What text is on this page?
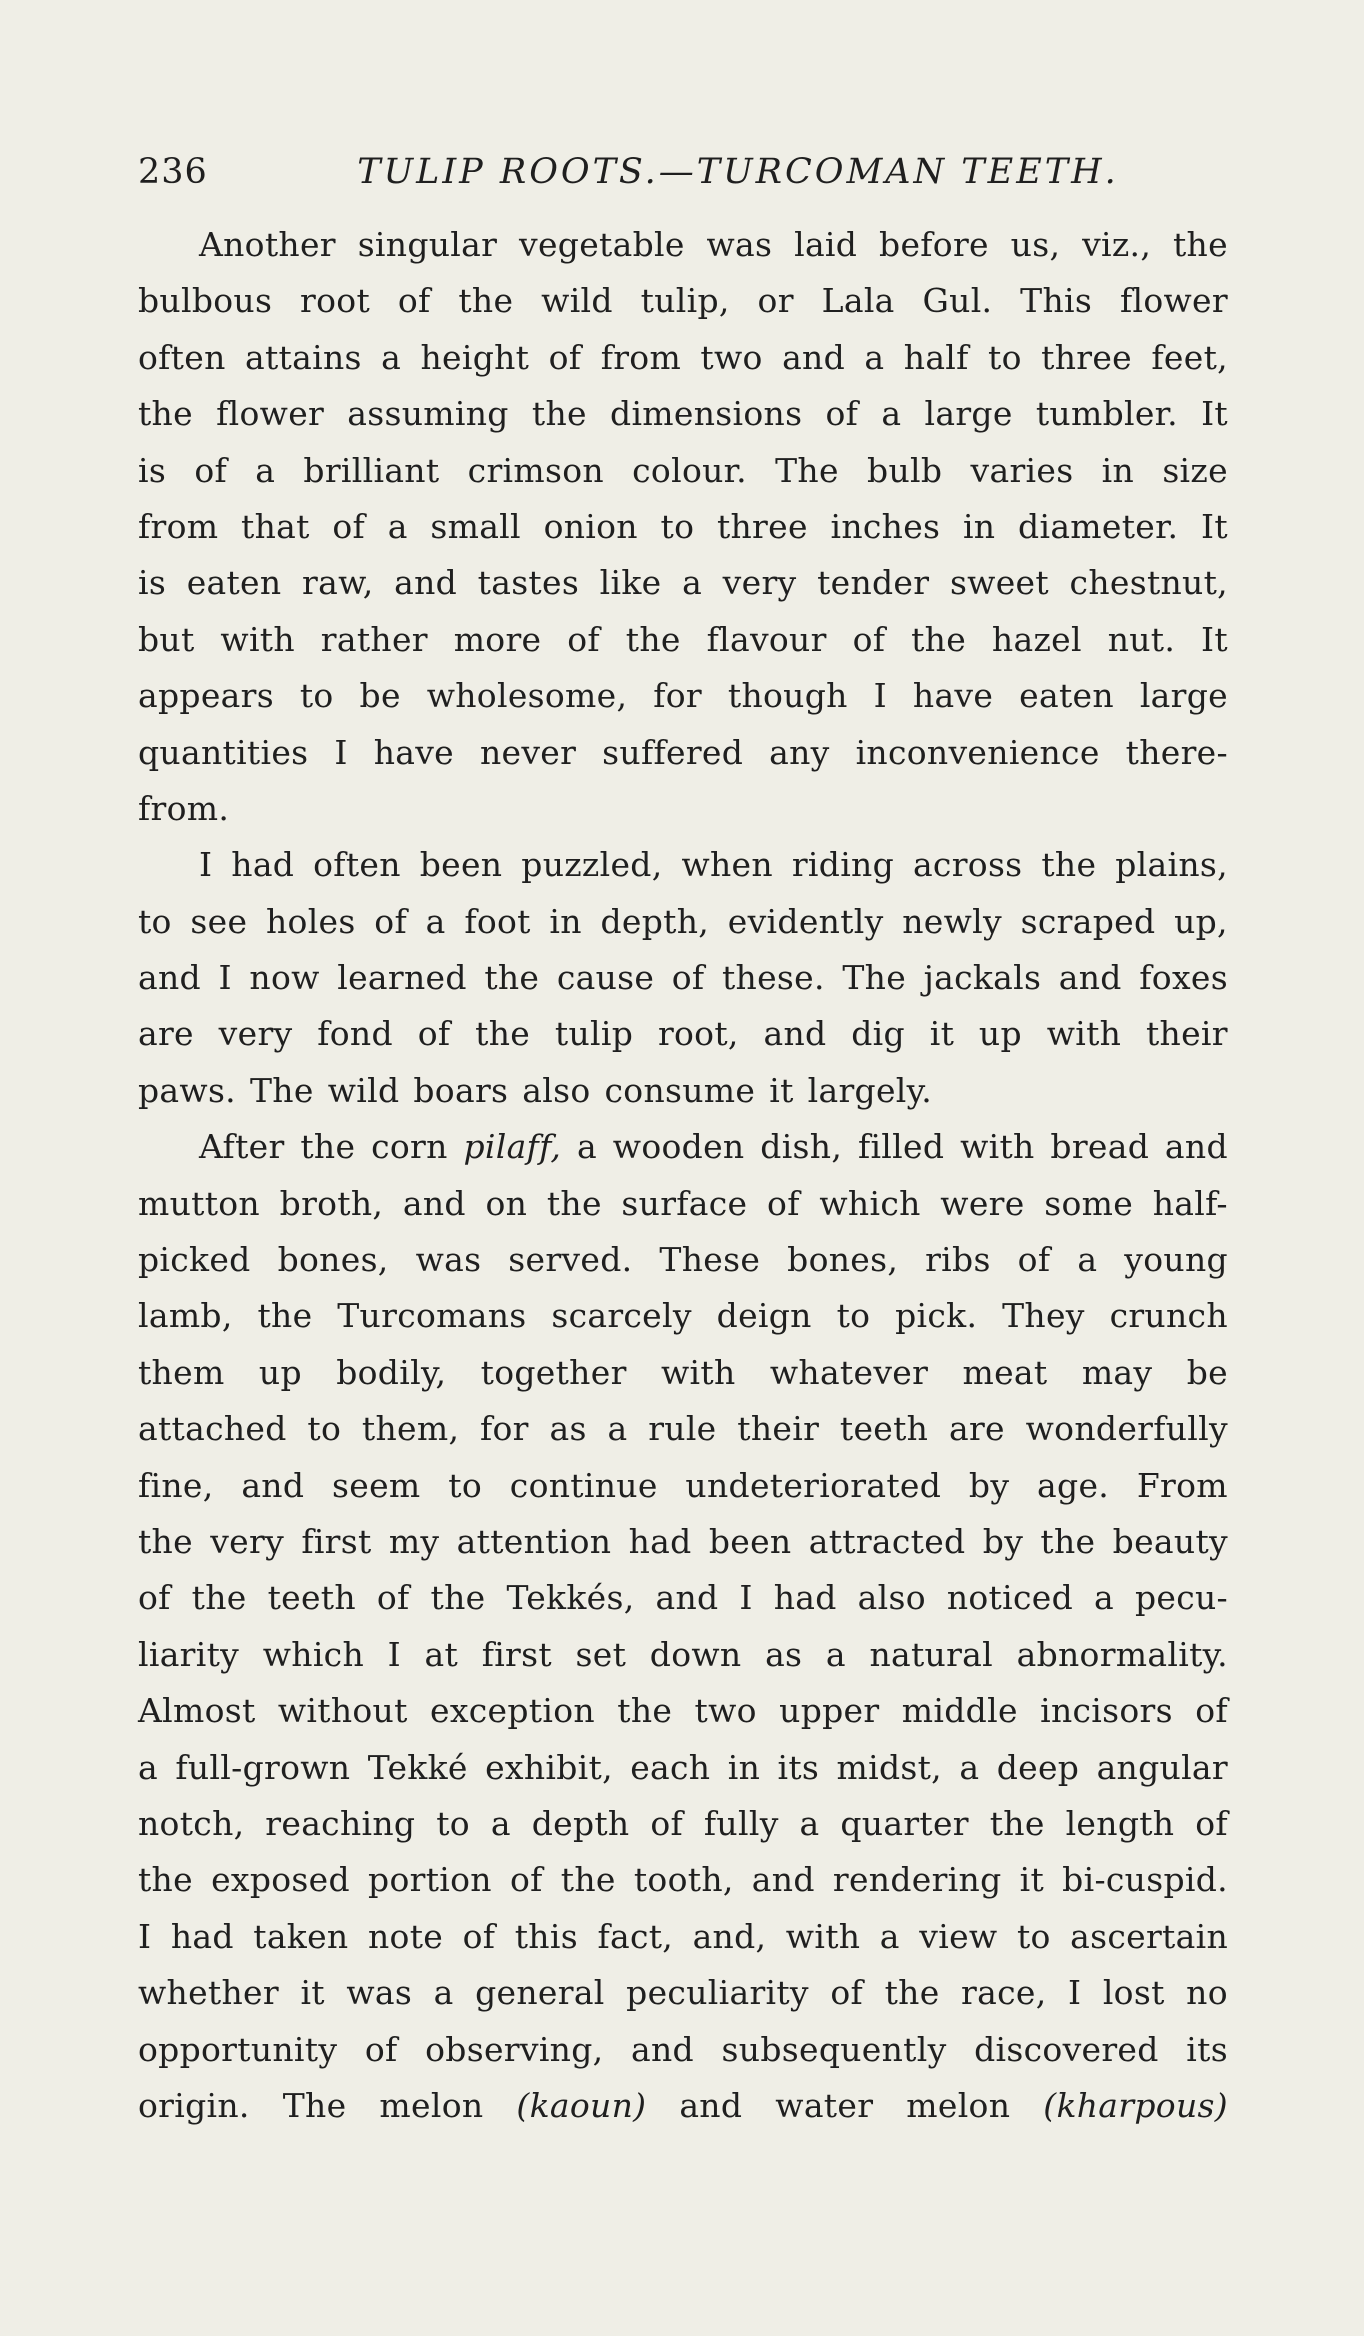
236	TULIP ROOTS.—TURCOMAN TEETH.
Another singular vegetable was laid before us, viz., the
bulbous root of the wild tulip, or Lala Gul. This flower
often attains a height of from two and a half to three feet,
the flower assuming the dimensions of a large tumbler. It
is of a brilliant crimson colour. The bulb varies in size
from that of a small onion to three inches in diameter. It
is eaten raw, and tastes like a very tender sweet chestnut,
but with rather more of the flavour of the hazel nut. It
appears to be wholesome, for though I have eaten large
quantities I have never suffered any inconvenience there-
from.
I had often been puzzled, when riding across the plains,
to see holes of a foot in depth, evidently newly scraped up,
and I now learned the cause of these. The jackals and foxes
are very fond of the tulip root, and dig it up with their
paws. The wild boars also consume it largely.
After the corn pilaff, a wooden dish, filled with bread and
mutton broth, and on the surface of which were some half-
picked bones, was served. These bones, ribs of a young
lamb, the Turcomans scarcely deign to pick. They crunch
them up bodily, together with whatever meat may be
attached to them, for as a rule their teeth are wonderfully
fine, and seem to continue undeteriorated by age. From
the very first my attention had been attracted by the beauty
of the teeth of the Tekkés, and I had also noticed a pecu-
liarity which I at first set down as a natural abnormality.
Almost without exception the two upper middle incisors of
a full-grown Tekké exhibit, each in its midst, a deep angular
notch, reaching to a depth of fully a quarter the length of
the exposed portion of the tooth, and rendering it bi-cuspid.
I had taken note of this fact, and, with a view to ascertain
whether it was a general peculiarity of the race, I lost no
opportunity of observing, and subsequently discovered its
origin. The melon (kaoun) and water melon (kharpous)
